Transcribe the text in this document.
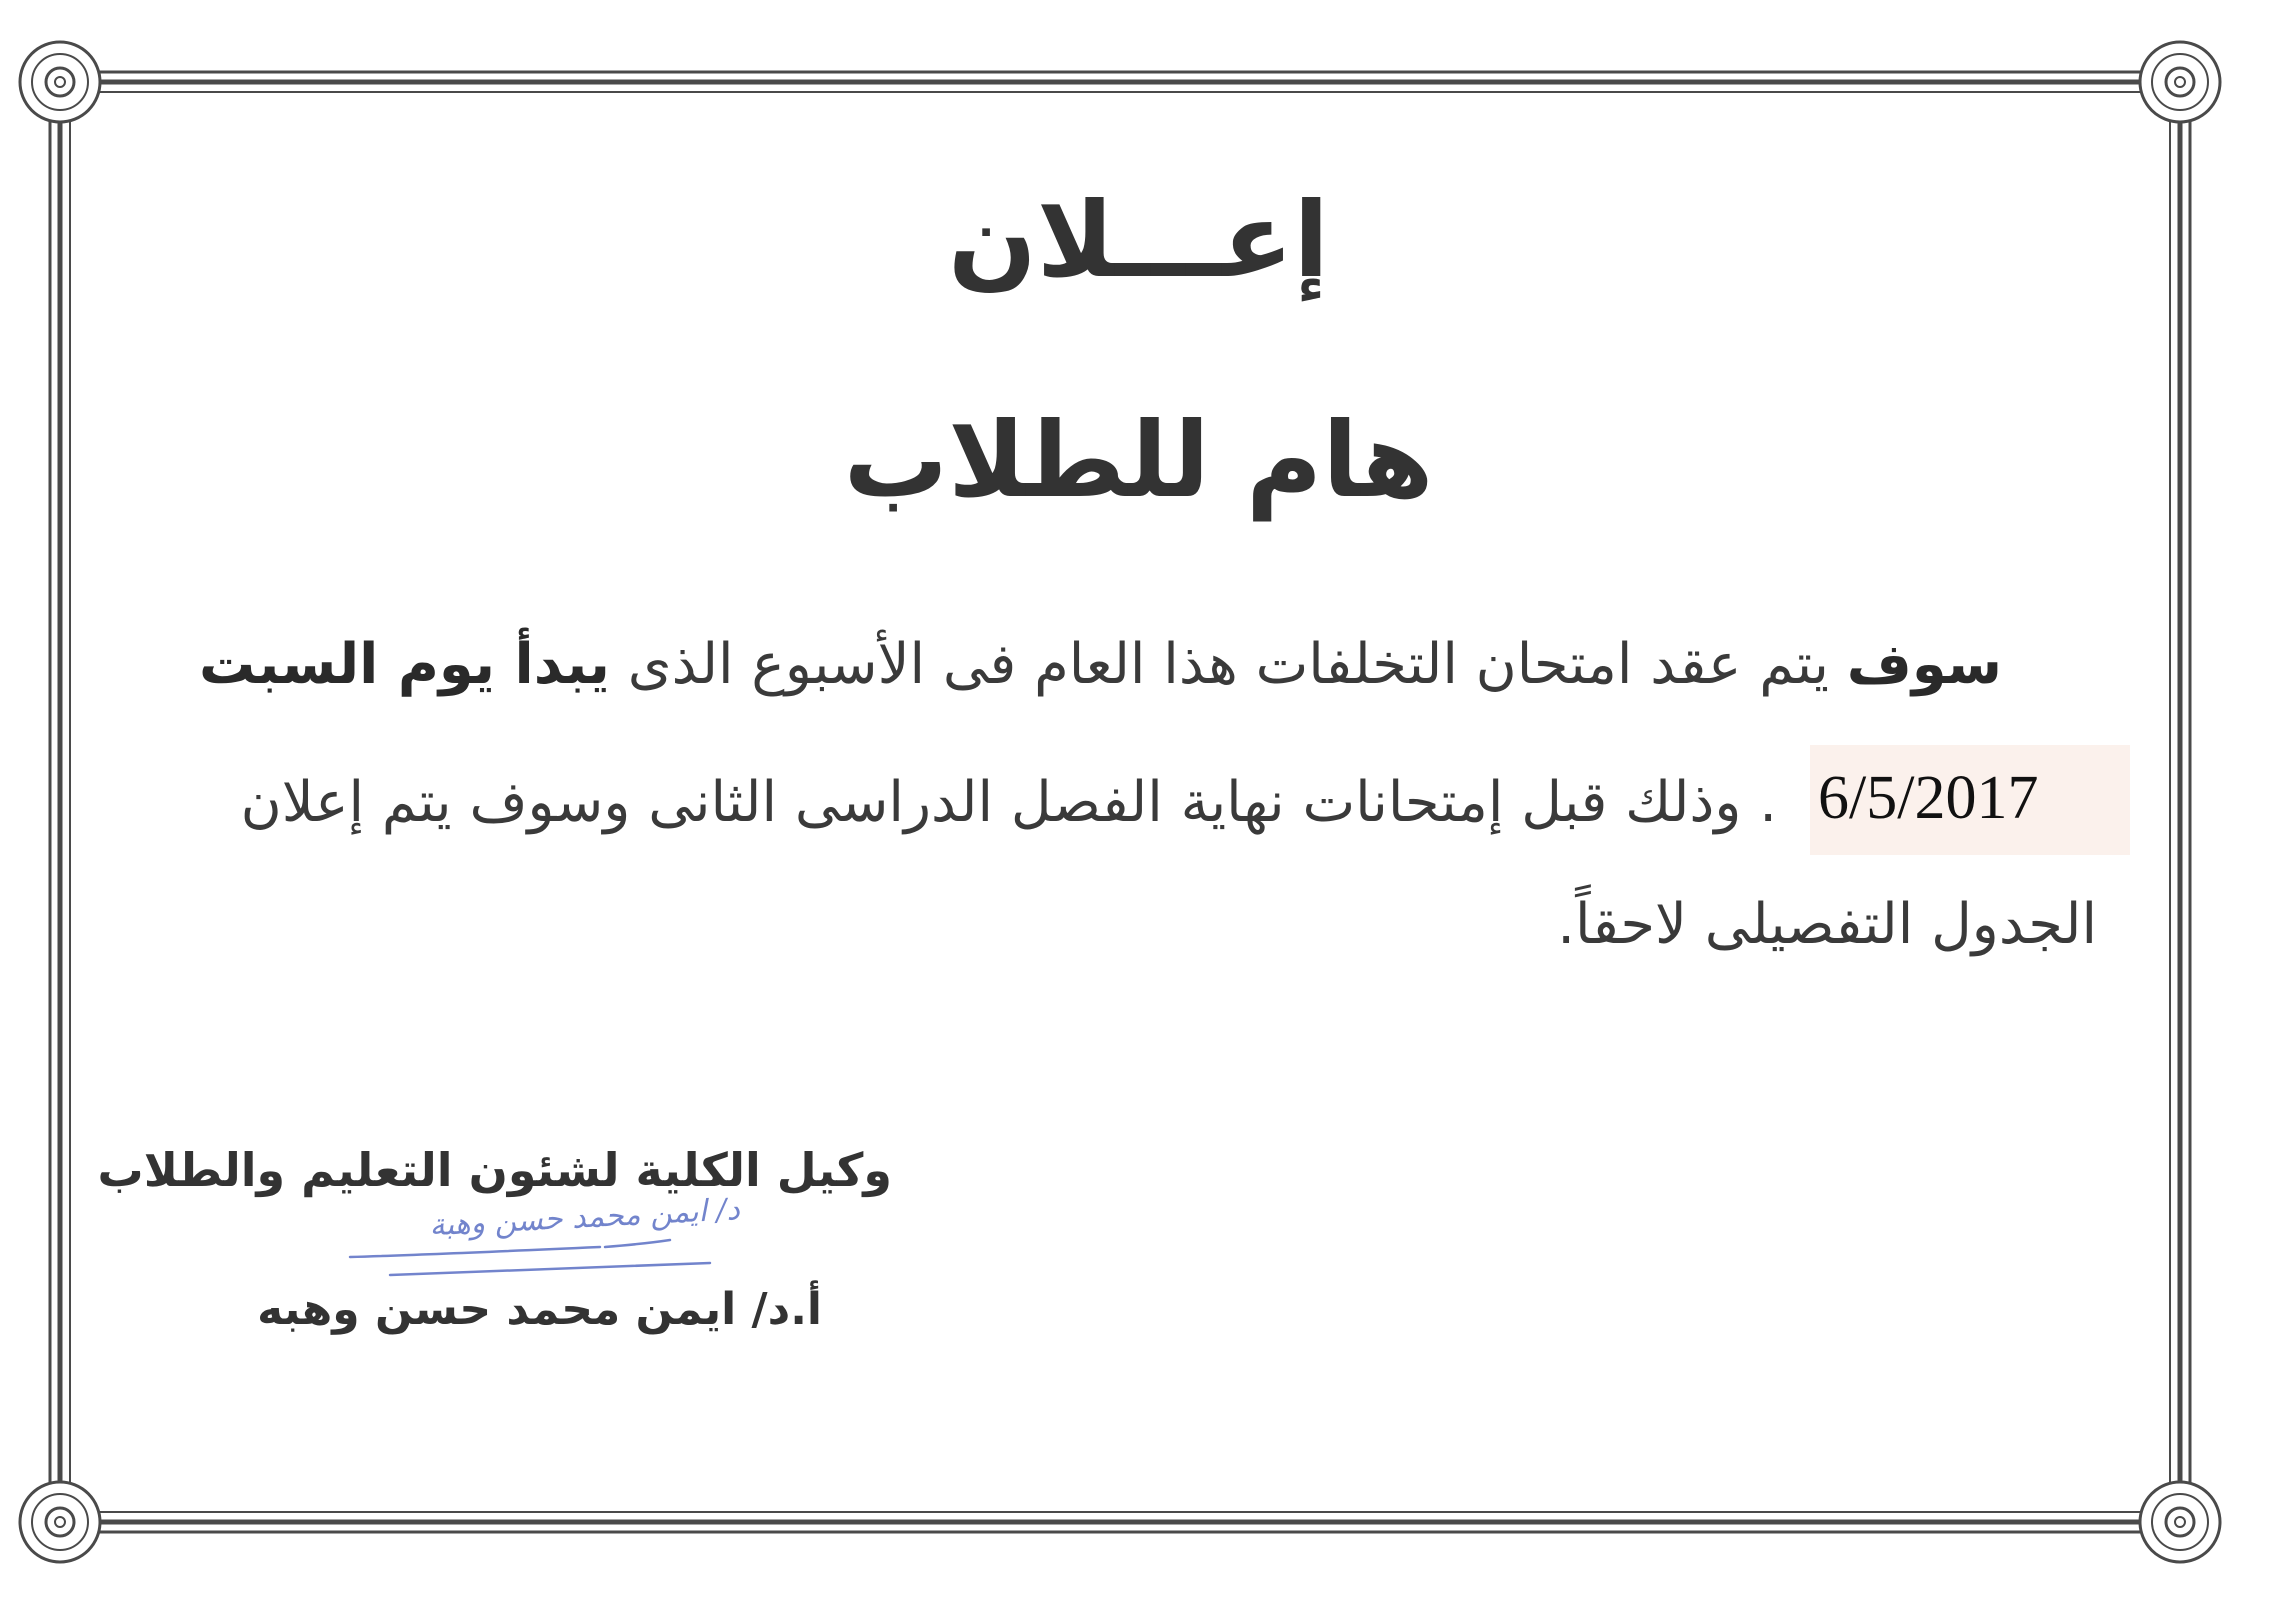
إعـــلان
هام للطلاب
سوف يتم عقد امتحان التخلفات هذا العام فى الأسبوع الذى يبدأ يوم السبت
6/5/2017
. وذلك قبل إمتحانات نهاية الفصل الدراسى الثانى وسوف يتم إعلان
الجدول التفصيلى لاحقاً.
وكيل الكلية لشئون التعليم والطلاب
د/ ايمن محمد حسن وهبة
أ.د/ ايمن محمد حسن وهبه
